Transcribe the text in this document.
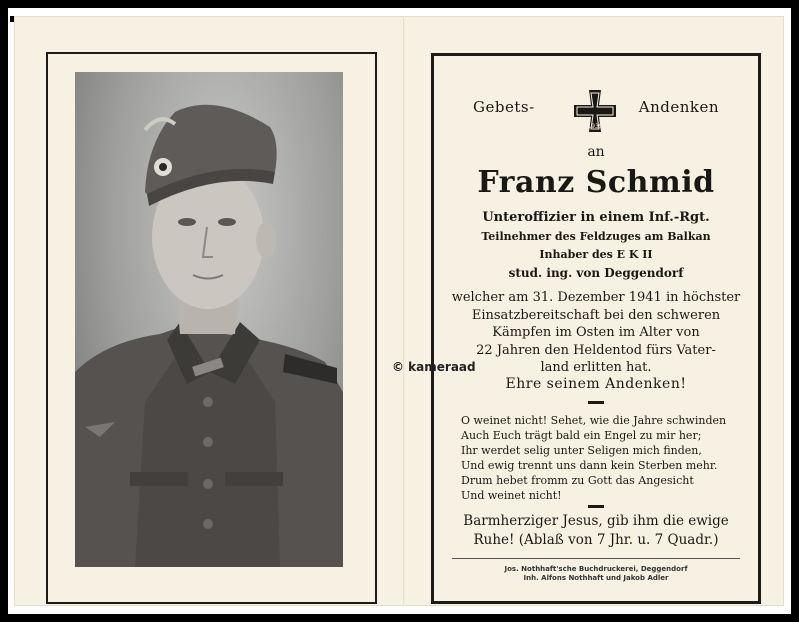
Gebets-	Andenken
1939
an
Franz Schmid
Unteroffizier in einem Inf.-Rgt.
Teilnehmer des Feldzuges am Balkan
Inhaber des E K II
stud. ing. von Deggendorf
welcher am 31. Dezember 1941 in höchster
Einsatzbereitschaft bei den schweren
Kämpfen im Osten im Alter von
22 Jahren den Heldentod fürs Vater-
land erlitten hat.
Ehre seinem Andenken!
O weinet nicht! Sehet, wie die Jahre schwinden
Auch Euch trägt bald ein Engel zu mir her;
Ihr werdet selig unter Seligen mich finden,
Und ewig trennt uns dann kein Sterben mehr.
Drum hebet fromm zu Gott das Angesicht
Und weinet nicht!
Barmherziger Jesus, gib ihm die ewige
Ruhe! (Ablaß von 7 Jhr. u. 7 Quadr.)
Jos. Nothhaft'sche Buchdruckerei, Deggendorf
Inh. Alfons Nothhaft und Jakob Adler
© kameraad
